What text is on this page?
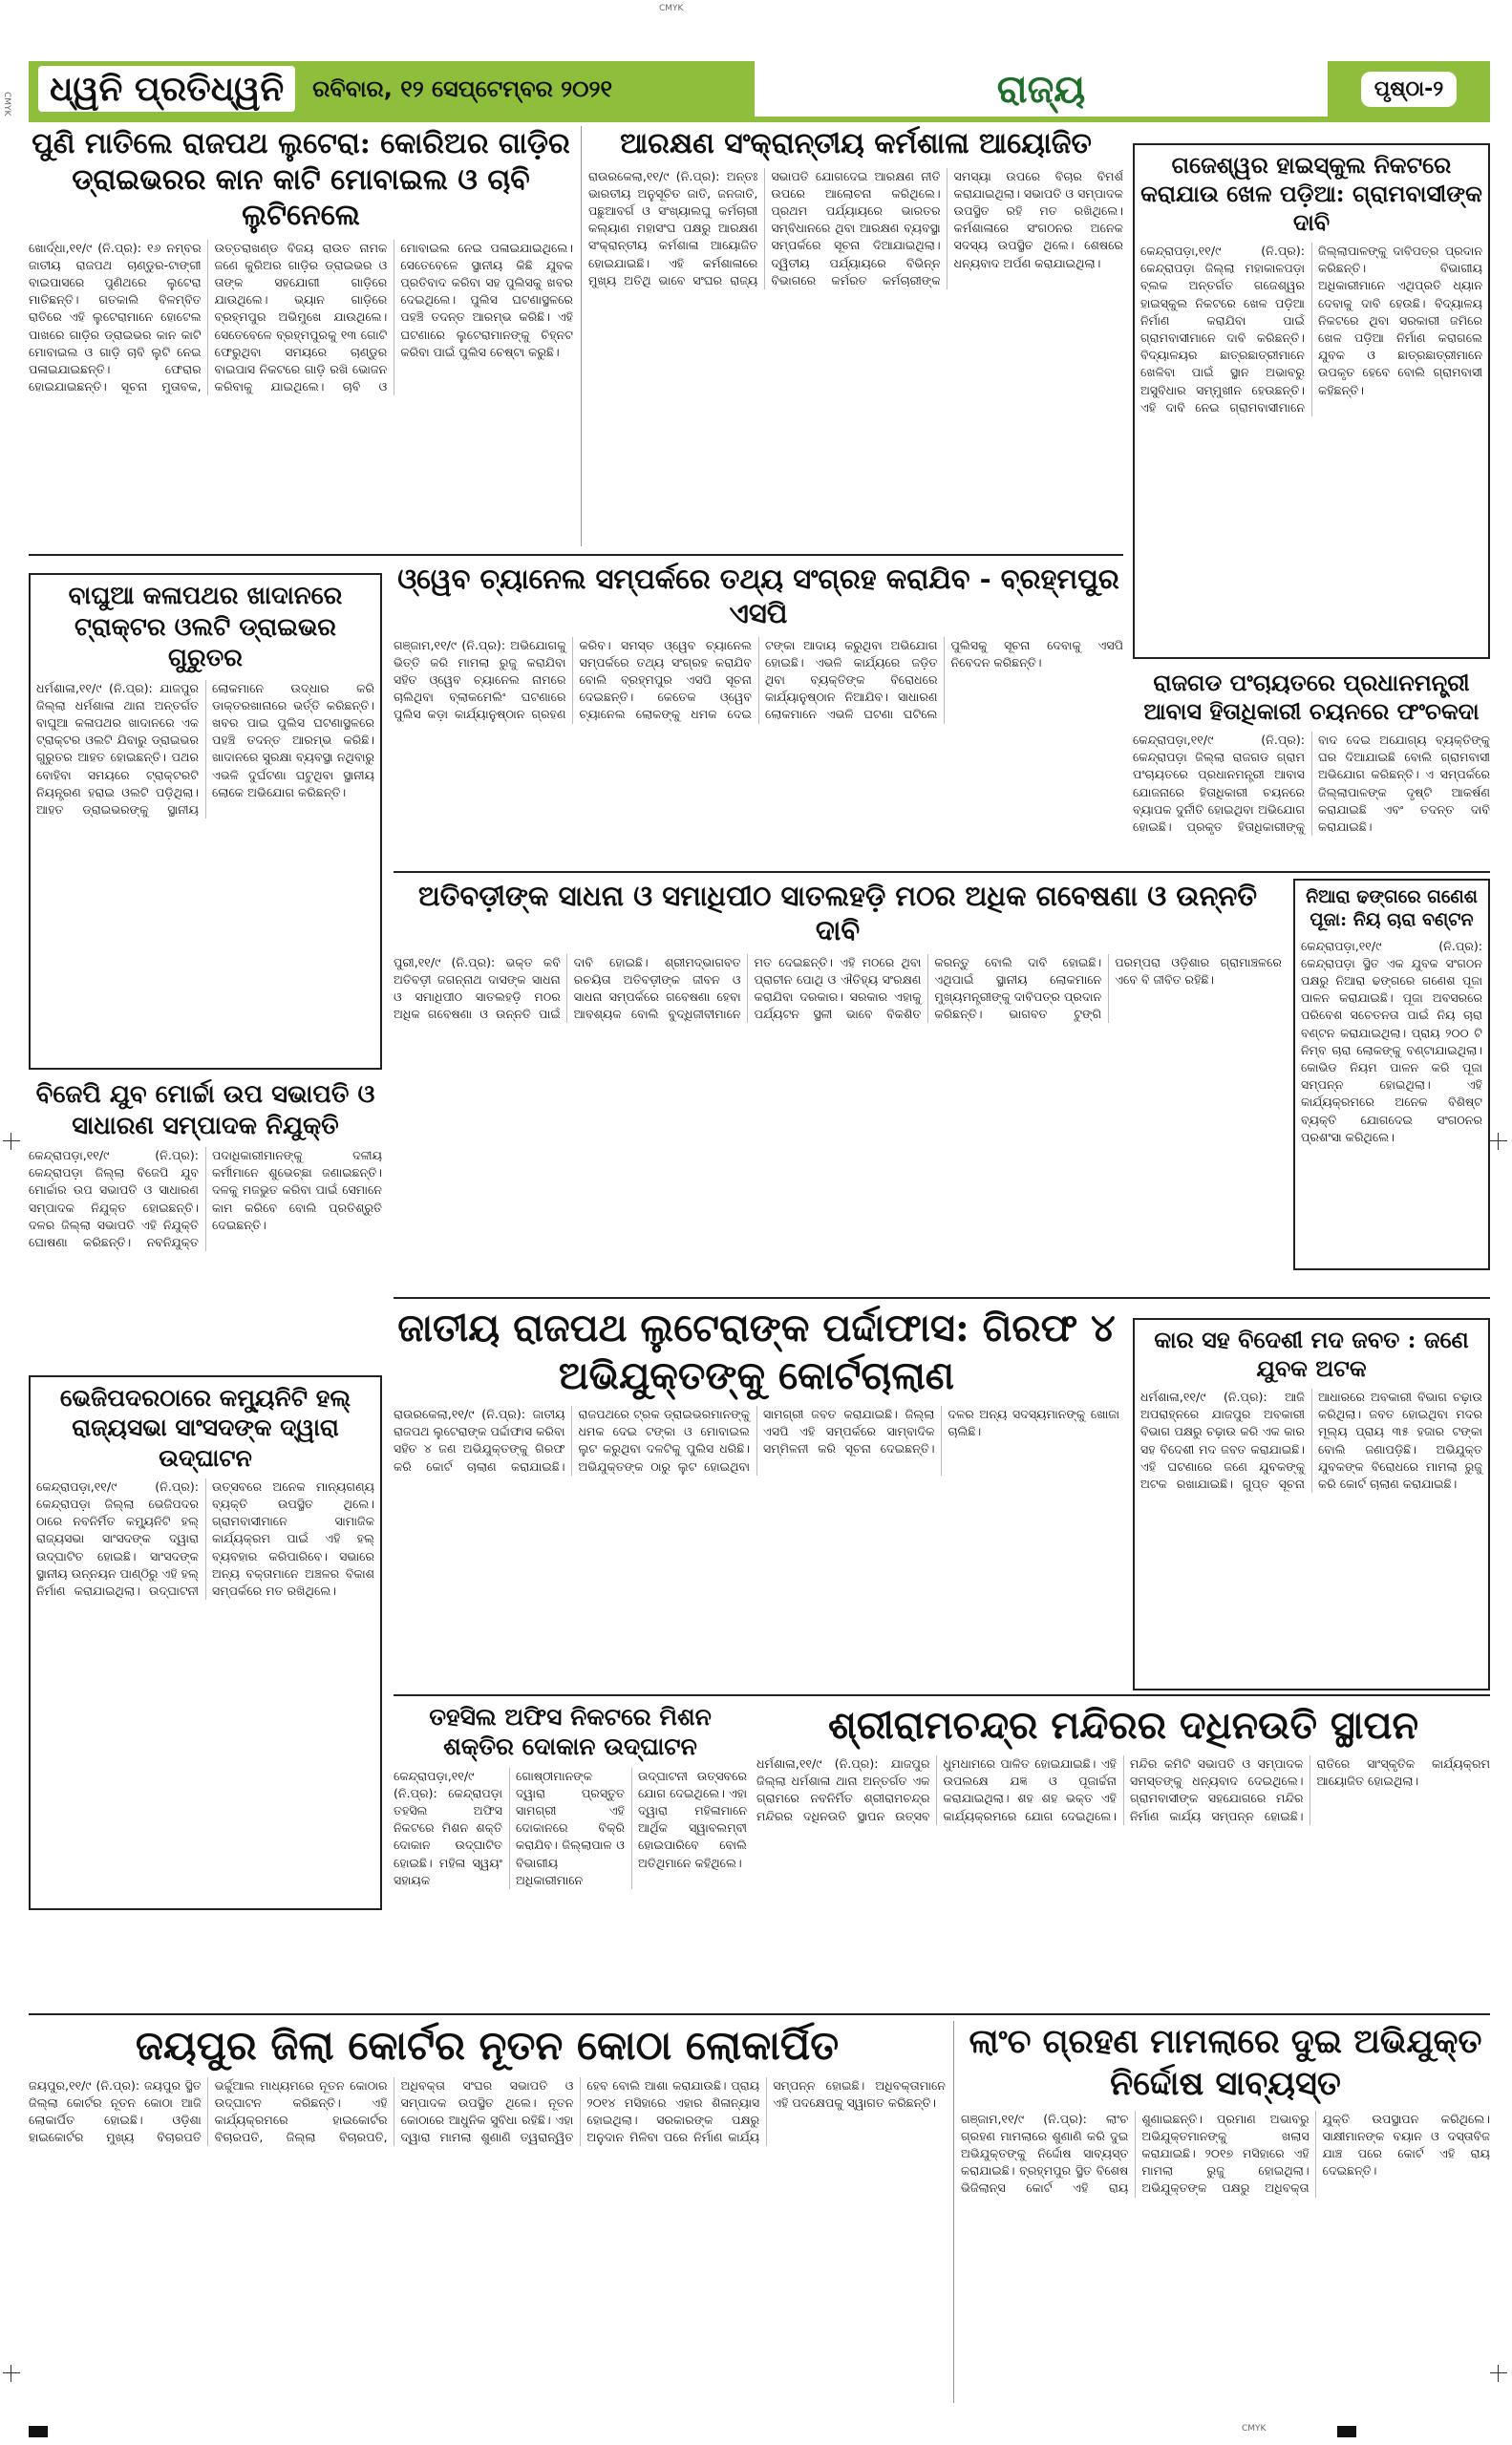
CMYK
CMYK
CMYK
ଧ୍ୱନି ପ୍ରତିଧ୍ୱନି	ରବିବାର, ୧୨ ସେପ୍ଟେମ୍ବର ୨୦୨୧	ରାଜ୍ୟ	ପୃଷ୍ଠା-୨
ପୁଣି ମାତିଲେ ରାଜପଥ ଲୁଟେରା: କୋରିଅର ଗାଡ଼ିର ଡ୍ରାଇଭରର କାନ କାଟି ମୋବାଇଲ ଓ ଚାବି ଲୁଟିନେଲେ
ଖୋର୍ଦ୍ଧା,୧୧/୯ (ନି.ପ୍ର): ୧୬ ନମ୍ବର ଜାତୀୟ ରାଜପଥ ଚାଣ୍ଡୁର-ଟାଙ୍ଗୀ ବାଇପାସରେ ପୁଣିଥରେ ଲୁଟେରା ମାତିଛନ୍ତି। ଗତକାଲି ବିଳମ୍ବିତ ରାତିରେ ଏହି ଲୁଟେରାମାନେ ହୋଟେଲ ପାଖରେ ଗାଡ଼ିର ଡ୍ରାଇଭର କାନ କାଟି ମୋବାଇଲ ଓ ଗାଡ଼ି ଚାବି ଲୁଟି ନେଇ ପଳାଇଯାଇଛନ୍ତି। ଫେରାର ହୋଇଯାଇଛନ୍ତି। ସୂଚନା ମୁତାବକ, ଉତ୍ତରାଖଣ୍ଡ ବିଜୟ ରାଉତ ନାମକ ଜଣେ କୁରିଅର ଗାଡ଼ିର ଡ୍ରାଇଭର ଓ ତାଙ୍କ ସହଯୋଗୀ ଗାଡ଼ିରେ ଯାଉଥିଲେ। ଭ୍ୟାନ ଗାଡ଼ିରେ ବ୍ରହ୍ମପୁର ଅଭିମୁଖେ ଯାଉଥିଲେ। ସେତେବେଳେ ବ୍ରହ୍ମପୁରକୁ ୧୩ ଗୋଟି ଫେରୁଥିବା ସମୟରେ ଚାଣ୍ଡୁର ବାଇପାସ ନିକଟରେ ଗାଡ଼ି ରଖି ଭୋଜନ କରିବାକୁ ଯାଇଥିଲେ। ଚାବି ଓ ମୋବାଇଲ ନେଇ ପଳାଇଯାଇଥିଲେ। ସେତେବେଳେ ସ୍ଥାନୀୟ କିଛି ଯୁବକ ପ୍ରତିବାଦ କରିବା ସହ ପୁଲିସକୁ ଖବର ଦେଇଥିଲେ। ପୁଲିସ ଘଟଣାସ୍ଥଳରେ ପହଞ୍ଚି ତଦନ୍ତ ଆରମ୍ଭ କରିଛି। ଏହି ଘଟଣାରେ ଲୁଟେରାମାନଙ୍କୁ ଚିହ୍ନଟ କରିବା ପାଇଁ ପୁଲିସ ଚେଷ୍ଟା କରୁଛି।
ଆରକ୍ଷଣ ସଂକ୍ରାନ୍ତୀୟ କର୍ମଶାଳା ଆୟୋଜିତ
ରାଉରକେଲା,୧୧/୯ (ନି.ପ୍ର): ଅନ୍ତଃ ଭାରତୀୟ ଅନୁସୂଚିତ ଜାତି, ଜନଜାତି, ପଛୁଆବର୍ଗ ଓ ସଂଖ୍ୟାଲଘୁ କର୍ମଚାରୀ କଲ୍ୟାଣ ମହାସଂଘ ପକ୍ଷରୁ ଆରକ୍ଷଣ ସଂକ୍ରାନ୍ତୀୟ କର୍ମଶାଳା ଆୟୋଜିତ ହୋଇଯାଇଛି। ଏହି କର୍ମଶାଳାରେ ମୁଖ୍ୟ ଅତିଥି ଭାବେ ସଂଘର ରାଜ୍ୟ ସଭାପତି ଯୋଗଦେଇ ଆରକ୍ଷଣ ନୀତି ଉପରେ ଆଲୋଚନା କରିଥିଲେ। ପ୍ରଥମ ପର୍ଯ୍ୟାୟରେ ଭାରତର ସମ୍ବିଧାନରେ ଥିବା ଆରକ୍ଷଣ ବ୍ୟବସ୍ଥା ସମ୍ପର୍କରେ ସୂଚନା ଦିଆଯାଇଥିଲା। ଦ୍ୱିତୀୟ ପର୍ଯ୍ୟାୟରେ ବିଭିନ୍ନ ବିଭାଗରେ କର୍ମରତ କର୍ମଚାରୀଙ୍କ ସମସ୍ୟା ଉପରେ ବିଚାର ବିମର୍ଶ କରାଯାଇଥିଲା। ସଭାପତି ଓ ସମ୍ପାଦକ ଉପସ୍ଥିତ ରହି ମତ ରଖିଥିଲେ। କର୍ମଶାଳାରେ ସଂଗଠନର ଅନେକ ସଦସ୍ୟ ଉପସ୍ଥିତ ଥିଲେ। ଶେଷରେ ଧନ୍ୟବାଦ ଅର୍ପଣ କରାଯାଇଥିଲା।
ଗଜେଶ୍ୱର ହାଇସ୍କୁଲ ନିକଟରେ କରାଯାଉ ଖେଳ ପଡ଼ିଆ: ଗ୍ରାମବାସୀଙ୍କ ଦାବି
କେନ୍ଦ୍ରାପଡ଼ା,୧୧/୯ (ନି.ପ୍ର): କେନ୍ଦ୍ରାପଡ଼ା ଜିଲ୍ଲା ମହାକାଳପଡ଼ା ବ୍ଲକ ଅନ୍ତର୍ଗତ ଗଜେଶ୍ୱର ହାଇସ୍କୁଲ ନିକଟରେ ଖେଳ ପଡ଼ିଆ ନିର୍ମାଣ କରାଯିବା ପାଇଁ ଗ୍ରାମବାସୀମାନେ ଦାବି କରିଛନ୍ତି। ବିଦ୍ୟାଳୟର ଛାତ୍ରଛାତ୍ରୀମାନେ ଖେଳିବା ପାଇଁ ସ୍ଥାନ ଅଭାବରୁ ଅସୁବିଧାର ସମ୍ମୁଖୀନ ହେଉଛନ୍ତି। ଏହି ଦାବି ନେଇ ଗ୍ରାମବାସୀମାନେ ଜିଲ୍ଲାପାଳଙ୍କୁ ଦାବିପତ୍ର ପ୍ରଦାନ କରିଛନ୍ତି। ବିଭାଗୀୟ ଅଧିକାରୀମାନେ ଏଥିପ୍ରତି ଧ୍ୟାନ ଦେବାକୁ ଦାବି ହେଉଛି। ବିଦ୍ୟାଳୟ ନିକଟରେ ଥିବା ସରକାରୀ ଜମିରେ ଖେଳ ପଡ଼ିଆ ନିର୍ମାଣ କରାଗଲେ ଯୁବକ ଓ ଛାତ୍ରଛାତ୍ରୀମାନେ ଉପକୃତ ହେବେ ବୋଲି ଗ୍ରାମବାସୀ କହିଛନ୍ତି।
ବାଘୁଆ କଳାପଥର ଖାଦାନରେ ଟ୍ରାକ୍ଟର ଓଲଟି ଡ୍ରାଇଭର ଗୁରୁତର
ଧର୍ମଶାଳା,୧୧/୯ (ନି.ପ୍ର): ଯାଜପୁର ଜିଲ୍ଲା ଧର୍ମଶାଳା ଥାନା ଅନ୍ତର୍ଗତ ବାଘୁଆ କଳାପଥର ଖାଦାନରେ ଏକ ଟ୍ରାକ୍ଟର ଓଲଟି ଯିବାରୁ ଡ୍ରାଇଭର ଗୁରୁତର ଆହତ ହୋଇଛନ୍ତି। ପଥର ବୋହିବା ସମୟରେ ଟ୍ରାକ୍ଟରଟି ନିୟନ୍ତ୍ରଣ ହରାଇ ଓଲଟି ପଡ଼ିଥିଲା। ଆହତ ଡ୍ରାଇଭରଙ୍କୁ ସ୍ଥାନୀୟ ଲୋକମାନେ ଉଦ୍ଧାର କରି ଡାକ୍ତରଖାନାରେ ଭର୍ତ୍ତି କରିଛନ୍ତି। ଖବର ପାଇ ପୁଲିସ ଘଟଣାସ୍ଥଳରେ ପହଞ୍ଚି ତଦନ୍ତ ଆରମ୍ଭ କରିଛି। ଖାଦାନରେ ସୁରକ୍ଷା ବ୍ୟବସ୍ଥା ନଥିବାରୁ ଏଭଳି ଦୁର୍ଘଟଣା ଘଟୁଥିବା ସ୍ଥାନୀୟ ଲୋକେ ଅଭିଯୋଗ କରିଛନ୍ତି।
ଓ୍ୱେବ ଚ୍ୟାନେଲ ସମ୍ପର୍କରେ ତଥ୍ୟ ସଂଗ୍ରହ କରାଯିବ - ବ୍ରହ୍ମପୁର ଏସପି
ଗଞ୍ଜାମ,୧୧/୯ (ନି.ପ୍ର): ଅଭିଯୋଗକୁ ଭିତ୍ତି କରି ମାମଲା ରୁଜୁ କରାଯିବା ସହିତ ଓ୍ୱେବ ଚ୍ୟାନେଲ ନାମରେ ଚାଲିଥିବା ବ୍ଲାକମେଲିଂ ଘଟଣାରେ ପୁଲିସ କଡ଼ା କାର୍ଯ୍ୟାନୁଷ୍ଠାନ ଗ୍ରହଣ କରିବ। ସମସ୍ତ ଓ୍ୱେବ ଚ୍ୟାନେଲ ସମ୍ପର୍କରେ ତଥ୍ୟ ସଂଗ୍ରହ କରାଯିବ ବୋଲି ବ୍ରହ୍ମପୁର ଏସପି ସୂଚନା ଦେଇଛନ୍ତି। କେତେକ ଓ୍ୱେବ ଚ୍ୟାନେଲ ଲୋକଙ୍କୁ ଧମକ ଦେଇ ଟଙ୍କା ଆଦାୟ କରୁଥିବା ଅଭିଯୋଗ ହୋଇଛି। ଏଭଳି କାର୍ଯ୍ୟରେ ଜଡ଼ିତ ଥିବା ବ୍ୟକ୍ତିଙ୍କ ବିରୋଧରେ କାର୍ଯ୍ୟାନୁଷ୍ଠାନ ନିଆଯିବ। ସାଧାରଣ ଲୋକମାନେ ଏଭଳି ଘଟଣା ଘଟିଲେ ପୁଲିସକୁ ସୂଚନା ଦେବାକୁ ଏସପି ନିବେଦନ କରିଛନ୍ତି।
ରାଜଗଡ ପଂଚାୟତରେ ପ୍ରଧାନମନ୍ତ୍ରୀ ଆବାସ ହିତାଧିକାରୀ ଚୟନରେ ଫଂଚକଦା
କେନ୍ଦ୍ରାପଡ଼ା,୧୧/୯ (ନି.ପ୍ର): କେନ୍ଦ୍ରାପଡ଼ା ଜିଲ୍ଲା ରାଜଗଡ ଗ୍ରାମ ପଂଚାୟତରେ ପ୍ରଧାନମନ୍ତ୍ରୀ ଆବାସ ଯୋଜନାରେ ହିତାଧିକାରୀ ଚୟନରେ ବ୍ୟାପକ ଦୁର୍ନୀତି ହୋଇଥିବା ଅଭିଯୋଗ ହୋଇଛି। ପ୍ରକୃତ ହିତାଧିକାରୀଙ୍କୁ ବାଦ ଦେଇ ଅଯୋଗ୍ୟ ବ୍ୟକ୍ତିଙ୍କୁ ଘର ଦିଆଯାଇଛି ବୋଲି ଗ୍ରାମବାସୀ ଅଭିଯୋଗ କରିଛନ୍ତି। ଏ ସମ୍ପର୍କରେ ଜିଲ୍ଲାପାଳଙ୍କ ଦୃଷ୍ଟି ଆକର୍ଷଣ କରାଯାଇଛି ଏବଂ ତଦନ୍ତ ଦାବି କରାଯାଇଛି।
ଅତିବଡ଼ୀଙ୍କ ସାଧନା ଓ ସମାଧିପୀଠ ସାତଲହଡ଼ି ମଠର ଅଧିକ ଗବେଷଣା ଓ ଉନ୍ନତି ଦାବି
ପୁରୀ,୧୧/୯ (ନି.ପ୍ର): ଭକ୍ତ କବି ଅତିବଡ଼ୀ ଜଗନ୍ନାଥ ଦାସଙ୍କ ସାଧନା ଓ ସମାଧିପୀଠ ସାତଲହଡ଼ି ମଠର ଅଧିକ ଗବେଷଣା ଓ ଉନ୍ନତି ପାଇଁ ଦାବି ହୋଇଛି। ଶ୍ରୀମଦ୍ଭାଗବତ ରଚୟିତା ଅତିବଡ଼ୀଙ୍କ ଜୀବନ ଓ ସାଧନା ସମ୍ପର୍କରେ ଗବେଷଣା ହେବା ଆବଶ୍ୟକ ବୋଲି ବୁଦ୍ଧିଜୀବୀମାନେ ମତ ଦେଇଛନ୍ତି। ଏହି ମଠରେ ଥିବା ପ୍ରାଚୀନ ପୋଥି ଓ ଐତିହ୍ୟ ସଂରକ୍ଷଣ କରାଯିବା ଦରକାର। ସରକାର ଏହାକୁ ପର୍ଯ୍ୟଟନ ସ୍ଥଳୀ ଭାବେ ବିକଶିତ କରନ୍ତୁ ବୋଲି ଦାବି ହୋଇଛି। ଏଥିପାଇଁ ସ୍ଥାନୀୟ ଲୋକମାନେ ମୁଖ୍ୟମନ୍ତ୍ରୀଙ୍କୁ ଦାବିପତ୍ର ପ୍ରଦାନ କରିଛନ୍ତି। ଭାଗବତ ଟୁଙ୍ଗି ପରମ୍ପରା ଓଡ଼ିଶାର ଗ୍ରାମାଞ୍ଚଳରେ ଏବେ ବି ଜୀବିତ ରହିଛି।
ନିଆରା ଢଙ୍ଗରେ ଗଣେଶ ପୂଜା: ନିୟ ଚାରା ବଣ୍ଟନ
କେନ୍ଦ୍ରାପଡ଼ା,୧୧/୯ (ନି.ପ୍ର): କେନ୍ଦ୍ରାପଡ଼ା ସ୍ଥିତ ଏକ ଯୁବକ ସଂଗଠନ ପକ୍ଷରୁ ନିଆରା ଢଙ୍ଗରେ ଗଣେଶ ପୂଜା ପାଳନ କରାଯାଇଛି। ପୂଜା ଅବସରରେ ପରିବେଶ ସଚେତନତା ପାଇଁ ନିୟ ଚାରା ବଣ୍ଟନ କରାଯାଇଥିଲା। ପ୍ରାୟ ୨୦୦ ଟି ନିମ୍ବ ଚାରା ଲୋକଙ୍କୁ ବଣ୍ଟାଯାଇଥିଲା। କୋଭିଡ ନିୟମ ପାଳନ କରି ପୂଜା ସମ୍ପନ୍ନ ହୋଇଥିଲା। ଏହି କାର୍ଯ୍ୟକ୍ରମରେ ଅନେକ ବିଶିଷ୍ଟ ବ୍ୟକ୍ତି ଯୋଗଦେଇ ସଂଗଠନର ପ୍ରଶଂସା କରିଥିଲେ।
ବିଜେପି ଯୁବ ମୋର୍ଚ୍ଚା ଉପ ସଭାପତି ଓ ସାଧାରଣ ସମ୍ପାଦକ ନିଯୁକ୍ତି
କେନ୍ଦ୍ରାପଡ଼ା,୧୧/୯ (ନି.ପ୍ର): କେନ୍ଦ୍ରାପଡ଼ା ଜିଲ୍ଲା ବିଜେପି ଯୁବ ମୋର୍ଚ୍ଚାର ଉପ ସଭାପତି ଓ ସାଧାରଣ ସମ୍ପାଦକ ନିଯୁକ୍ତ ହୋଇଛନ୍ତି। ଦଳର ଜିଲ୍ଲା ସଭାପତି ଏହି ନିଯୁକ୍ତି ଘୋଷଣା କରିଛନ୍ତି। ନବନିଯୁକ୍ତ ପଦାଧିକାରୀମାନଙ୍କୁ ଦଳୀୟ କର୍ମୀମାନେ ଶୁଭେଚ୍ଛା ଜଣାଇଛନ୍ତି। ଦଳକୁ ମଜଭୁତ କରିବା ପାଇଁ ସେମାନେ କାମ କରିବେ ବୋଲି ପ୍ରତିଶ୍ରୁତି ଦେଇଛନ୍ତି।
ଭେଜିପଦରଠାରେ କମ୍ୟୁନିଟି ହଲ୍ ରାଜ୍ୟସଭା ସାଂସଦଙ୍କ ଦ୍ୱାରା ଉଦ୍‌ଘାଟନ
କେନ୍ଦ୍ରାପଡ଼ା,୧୧/୯ (ନି.ପ୍ର): କେନ୍ଦ୍ରାପଡ଼ା ଜିଲ୍ଲା ଭେଜିପଦର ଠାରେ ନବନିର୍ମିତ କମ୍ୟୁନିଟି ହଲ୍ ରାଜ୍ୟସଭା ସାଂସଦଙ୍କ ଦ୍ୱାରା ଉଦ୍‌ଘାଟିତ ହୋଇଛି। ସାଂସଦଙ୍କ ସ୍ଥାନୀୟ ଉନ୍ନୟନ ପାଣ୍ଠିରୁ ଏହି ହଲ୍ ନିର୍ମାଣ କରାଯାଇଥିଲା। ଉଦ୍‌ଘାଟନୀ ଉତ୍ସବରେ ଅନେକ ମାନ୍ୟଗଣ୍ୟ ବ୍ୟକ୍ତି ଉପସ୍ଥିତ ଥିଲେ। ଗ୍ରାମବାସୀମାନେ ସାମାଜିକ କାର୍ଯ୍ୟକ୍ରମ ପାଇଁ ଏହି ହଲ୍ ବ୍ୟବହାର କରିପାରିବେ। ସଭାରେ ଅନ୍ୟ ବକ୍ତାମାନେ ଅଞ୍ଚଳର ବିକାଶ ସମ୍ପର୍କରେ ମତ ରଖିଥିଲେ।
ଜାତୀୟ ରାଜପଥ ଲୁଟେରାଙ୍କ ପର୍ଦ୍ଦାଫାସ: ଗିରଫ ୪ ଅଭିଯୁକ୍ତଙ୍କୁ କୋର୍ଟଚାଲାଣ
ରାଉରକେଲା,୧୧/୯ (ନି.ପ୍ର): ଜାତୀୟ ରାଜପଥ ଲୁଟେରାଙ୍କ ପର୍ଦ୍ଦାଫାସ କରିବା ସହିତ ୪ ଜଣ ଅଭିଯୁକ୍ତଙ୍କୁ ଗିରଫ କରି କୋର୍ଟ ଚାଲାଣ କରାଯାଇଛି। ରାଜପଥରେ ଟ୍ରକ ଡ୍ରାଇଭରମାନଙ୍କୁ ଧମକ ଦେଇ ଟଙ୍କା ଓ ମୋବାଇଲ ଲୁଟ କରୁଥିବା ଦଳଟିକୁ ପୁଲିସ ଧରିଛି। ଅଭିଯୁକ୍ତଙ୍କ ଠାରୁ ଲୁଟ ହୋଇଥିବା ସାମଗ୍ରୀ ଜବତ କରାଯାଇଛି। ଜିଲ୍ଲା ଏସପି ଏହି ସମ୍ପର୍କରେ ସାମ୍ବାଦିକ ସମ୍ମିଳନୀ କରି ସୂଚନା ଦେଇଛନ୍ତି। ଦଳର ଅନ୍ୟ ସଦସ୍ୟମାନଙ୍କୁ ଖୋଜା ଚାଲିଛି।
କାର ସହ ବିଦେଶୀ ମଦ ଜବତ : ଜଣେ ଯୁବକ ଅଟକ
ଧର୍ମଶାଳା,୧୧/୯ (ନି.ପ୍ର): ଆଜି ଅପରାହ୍ନରେ ଯାଜପୁର ଅବକାରୀ ବିଭାଗ ପକ୍ଷରୁ ଚଢ଼ାଉ କରି ଏକ କାର ସହ ବିଦେଶୀ ମଦ ଜବତ କରାଯାଇଛି। ଏହି ଘଟଣାରେ ଜଣେ ଯୁବକଙ୍କୁ ଅଟକ ରଖାଯାଇଛି। ଗୁପ୍ତ ସୂଚନା ଆଧାରରେ ଅବକାରୀ ବିଭାଗ ଚଢ଼ାଉ କରିଥିଲା। ଜବତ ହୋଇଥିବା ମଦର ମୂଲ୍ୟ ପ୍ରାୟ ୩୫ ହଜାର ଟଙ୍କା ବୋଲି ଜଣାପଡ଼ିଛି। ଅଭିଯୁକ୍ତ ଯୁବକଙ୍କ ବିରୋଧରେ ମାମଲା ରୁଜୁ କରି କୋର୍ଟ ଚାଲାଣ କରାଯାଇଛି।
ତହସିଲ ଅଫିସ ନିକଟରେ ମିଶନ ଶକ୍ତିର ଦୋକାନ ଉଦ୍‌ଘାଟନ
କେନ୍ଦ୍ରାପଡ଼ା,୧୧/୯ (ନି.ପ୍ର): କେନ୍ଦ୍ରାପଡ଼ା ତହସିଲ ଅଫିସ ନିକଟରେ ମିଶନ ଶକ୍ତି ଦୋକାନ ଉଦ୍‌ଘାଟିତ ହୋଇଛି। ମହିଳା ସ୍ୱୟଂ ସହାୟକ ଗୋଷ୍ଠୀମାନଙ୍କ ଦ୍ୱାରା ପ୍ରସ୍ତୁତ ସାମଗ୍ରୀ ଏହି ଦୋକାନରେ ବିକ୍ରି କରାଯିବ। ଜିଲ୍ଲାପାଳ ଓ ବିଭାଗୀୟ ଅଧିକାରୀମାନେ ଉଦ୍‌ଘାଟନୀ ଉତ୍ସବରେ ଯୋଗ ଦେଇଥିଲେ। ଏହା ଦ୍ୱାରା ମହିଳାମାନେ ଆର୍ଥିକ ସ୍ୱାବଲମ୍ବୀ ହୋଇପାରିବେ ବୋଲି ଅତିଥିମାନେ କହିଥିଲେ।
ଶ୍ରୀରାମଚନ୍ଦ୍ର ମନ୍ଦିରର ଦଧିନଉତି ସ୍ଥାପନ
ଧର୍ମଶାଳା,୧୧/୯ (ନି.ପ୍ର): ଯାଜପୁର ଜିଲ୍ଲା ଧର୍ମଶାଳା ଥାନା ଅନ୍ତର୍ଗତ ଏକ ଗ୍ରାମରେ ନବନିର୍ମିତ ଶ୍ରୀରାମଚନ୍ଦ୍ର ମନ୍ଦିରର ଦଧିନଉତି ସ୍ଥାପନ ଉତ୍ସବ ଧୁମଧାମରେ ପାଳିତ ହୋଇଯାଇଛି। ଏହି ଉପଲକ୍ଷେ ଯଜ୍ଞ ଓ ପୂଜାର୍ଚ୍ଚନା କରାଯାଇଥିଲା। ଶହ ଶହ ଭକ୍ତ ଏହି କାର୍ଯ୍ୟକ୍ରମରେ ଯୋଗ ଦେଇଥିଲେ। ମନ୍ଦିର କମିଟି ସଭାପତି ଓ ସମ୍ପାଦକ ସମସ୍ତଙ୍କୁ ଧନ୍ୟବାଦ ଦେଇଥିଲେ। ଗ୍ରାମବାସୀଙ୍କ ସହଯୋଗରେ ମନ୍ଦିର ନିର୍ମାଣ କାର୍ଯ୍ୟ ସମ୍ପନ୍ନ ହୋଇଛି। ରାତିରେ ସାଂସ୍କୃତିକ କାର୍ଯ୍ୟକ୍ରମ ଆୟୋଜିତ ହୋଇଥିଲା।
ଜୟପୁର ଜିଲା କୋର୍ଟର ନୂତନ କୋଠା ଲୋକାର୍ପିତ
ଜୟପୁର,୧୧/୯ (ନି.ପ୍ର): ଜୟପୁର ସ୍ଥିତ ଜିଲ୍ଲା କୋର୍ଟର ନୂତନ କୋଠା ଆଜି ଲୋକାର୍ପିତ ହୋଇଛି। ଓଡ଼ିଶା ହାଇକୋର୍ଟର ମୁଖ୍ୟ ବିଚାରପତି ଭର୍ଚ୍ଚୁଆଲ ମାଧ୍ୟମରେ ନୂତନ କୋଠାର ଉଦ୍‌ଘାଟନ କରିଛନ୍ତି। ଏହି କାର୍ଯ୍ୟକ୍ରମରେ ହାଇକୋର୍ଟର ବିଚାରପତି, ଜିଲ୍ଲା ବିଚାରପତି, ଅଧିବକ୍ତା ସଂଘର ସଭାପତି ଓ ସମ୍ପାଦକ ଉପସ୍ଥିତ ଥିଲେ। ନୂତନ କୋଠାରେ ଆଧୁନିକ ସୁବିଧା ରହିଛି। ଏହା ଦ୍ୱାରା ମାମଲା ଶୁଣାଣି ତ୍ୱରାନ୍ୱିତ ହେବ ବୋଲି ଆଶା କରାଯାଉଛି। ପ୍ରାୟ ୨୦୧୪ ମସିହାରେ ଏହାର ଶିଳାନ୍ୟାସ ହୋଇଥିଲା। ସରକାରଙ୍କ ପକ୍ଷରୁ ଅନୁଦାନ ମିଳିବା ପରେ ନିର୍ମାଣ କାର୍ଯ୍ୟ ସମ୍ପନ୍ନ ହୋଇଛି। ଅଧିବକ୍ତାମାନେ ଏହି ପଦକ୍ଷେପକୁ ସ୍ୱାଗତ କରିଛନ୍ତି।
ଲାଂଚ ଗ୍ରହଣ ମାମଲାରେ ଦୁଇ ଅଭିଯୁକ୍ତ ନିର୍ଦ୍ଦୋଷ ସାବ୍ୟସ୍ତ
ଗଞ୍ଜାମ,୧୧/୯ (ନି.ପ୍ର): ଲାଂଚ ଗ୍ରହଣ ମାମଲାରେ ଶୁଣାଣି କରି ଦୁଇ ଅଭିଯୁକ୍ତଙ୍କୁ ନିର୍ଦ୍ଦୋଷ ସାବ୍ୟସ୍ତ କରାଯାଇଛି। ବ୍ରହ୍ମପୁର ସ୍ଥିତ ବିଶେଷ ଭିଜିଲାନ୍ସ କୋର୍ଟ ଏହି ରାୟ ଶୁଣାଇଛନ୍ତି। ପ୍ରମାଣ ଅଭାବରୁ ଅଭିଯୁକ୍ତମାନଙ୍କୁ ଖଲାସ କରାଯାଇଛି। ୨୦୧୭ ମସିହାରେ ଏହି ମାମଲା ରୁଜୁ ହୋଇଥିଲା। ଅଭିଯୁକ୍ତଙ୍କ ପକ୍ଷରୁ ଅଧିବକ୍ତା ଯୁକ୍ତି ଉପସ୍ଥାପନ କରିଥିଲେ। ସାକ୍ଷୀମାନଙ୍କ ବୟାନ ଓ ଦସ୍ତାବିଜ ଯାଞ୍ଚ ପରେ କୋର୍ଟ ଏହି ରାୟ ଦେଇଛନ୍ତି।
